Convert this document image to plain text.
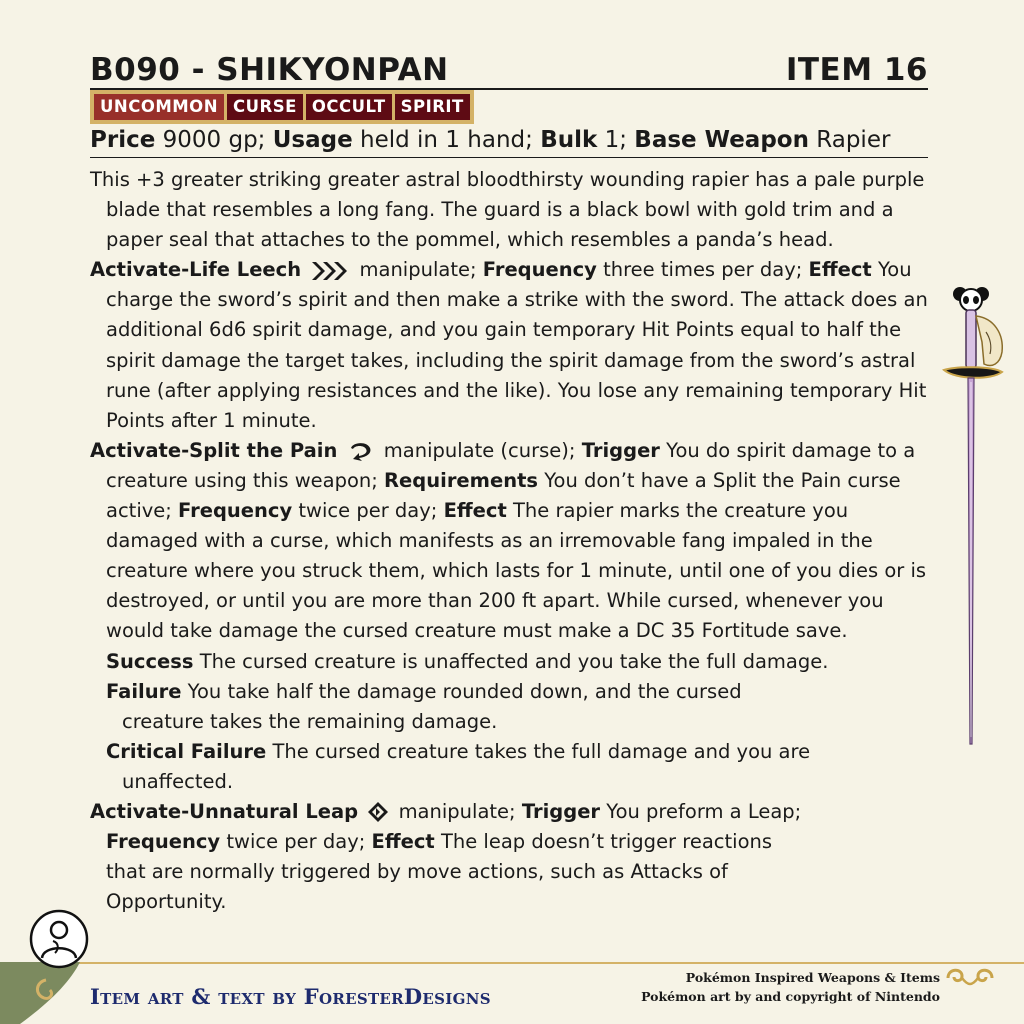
B090 - SHIKYONPAN	ITEM 16
UNCOMMON CURSE OCCULT SPIRIT
Price 9000 gp; Usage held in 1 hand; Bulk 1; Base Weapon Rapier
This +3 greater striking greater astral bloodthirsty wounding rapier has a pale purple blade that resembles a long fang. The guard is a black bowl with gold trim and a paper seal that attaches to the pommel, which resembles a panda’s head.
Activate-Life Leech	manipulate; Frequency three times per day; Effect You charge the sword’s spirit and then make a strike with the sword. The attack does an additional 6d6 spirit damage, and you gain temporary Hit Points equal to half the spirit damage the target takes, including the spirit damage from the sword’s astral rune (after applying resistances and the like). You lose any remaining temporary Hit Points after 1 minute.
Activate-Split the Pain manipulate (curse); Trigger You do spirit damage to a creature using this weapon; Requirements You don’t have a Split the Pain curse active; Frequency twice per day; Effect The rapier marks the creature you damaged with a curse, which manifests as an irremovable fang impaled in the creature where you struck them, which lasts for 1 minute, until one of you dies or is destroyed, or until you are more than 200 ft apart. While cursed, whenever you would take damage the cursed creature must make a DC 35 Fortitude save.
Success The cursed creature is unaffected and you take the full damage.
Failure You take half the damage rounded down, and the cursed creature takes the remaining damage.
Critical Failure The cursed creature takes the full damage and you are unaffected.
Activate-Unnatural Leap manipulate; Trigger You preform a Leap; Frequency twice per day; Effect The leap doesn’t trigger reactions that are normally triggered by move actions, such as Attacks of Opportunity.
Item art & text by ForesterDesigns
Pokémon Inspired Weapons & Items
Pokémon art by and copyright of Nintendo
